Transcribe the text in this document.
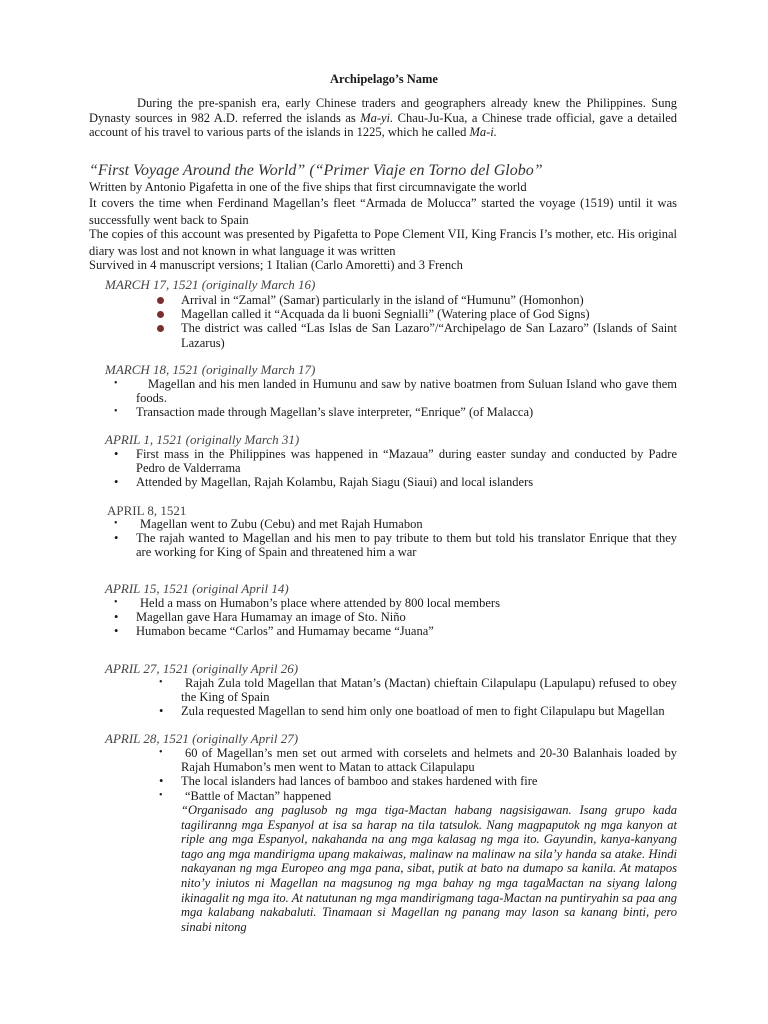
Archipelago’s Name
During the pre-spanish era, early Chinese traders and geographers already knew the Philippines. Sung Dynasty sources in 982 A.D. referred the islands as Ma-yi. Chau-Ju-Kua, a Chinese trade official, gave a detailed account of his travel to various parts of the islands in 1225, which he called Ma-i.
“First Voyage Around the World” (“Primer Viaje en Torno del Globo”
Written by Antonio Pigafetta in one of the five ships that first circumnavigate the world
It covers the time when Ferdinand Magellan’s fleet “Armada de Molucca” started the voyage (1519) until it was successfully went back to Spain
The copies of this account was presented by Pigafetta to Pope Clement VII, King Francis I’s mother, etc. His original diary was lost and not known in what language it was written
Survived in 4 manuscript versions; 1 Italian (Carlo Amoretti) and 3 French
MARCH 17, 1521 (originally March 16)
Arrival in “Zamal” (Samar) particularly in the island of “Humunu” (Homonhon)
Magellan called it “Acquada da li buoni Segnialli” (Watering place of God Signs)
The district was called “Las Islas de San Lazaro”/“Archipelago de San Lazaro” (Islands of Saint Lazarus)
MARCH 18, 1521 (originally March 17)
• Magellan and his men landed in Humunu and saw by native boatmen from Suluan Island who gave them foods.
• Transaction made through Magellan’s slave interpreter, “Enrique” (of Malacca)
APRIL 1, 1521 (originally March 31)
• First mass in the Philippines was happened in “Mazaua” during easter sunday and conducted by Padre Pedro de Valderrama
• Attended by Magellan, Rajah Kolambu, Rajah Siagu (Siaui) and local islanders
APRIL 8, 1521
• Magellan went to Zubu (Cebu) and met Rajah Humabon
• The rajah wanted to Magellan and his men to pay tribute to them but told his translator Enrique that they are working for King of Spain and threatened him a war
APRIL 15, 1521 (original April 14)
• Held a mass on Humabon’s place where attended by 800 local members
• Magellan gave Hara Humamay an image of Sto. Niño
• Humabon became “Carlos” and Humamay became “Juana”
APRIL 27, 1521 (originally April 26)
• Rajah Zula told Magellan that Matan’s (Mactan) chieftain Cilapulapu (Lapulapu) refused to obey the King of Spain
• Zula requested Magellan to send him only one boatload of men to fight Cilapulapu but Magellan
APRIL 28, 1521 (originally April 27)
• 60 of Magellan’s men set out armed with corselets and helmets and 20-30 Balanhais loaded by Rajah Humabon’s men went to Matan to attack Cilapulapu
• The local islanders had lances of bamboo and stakes hardened with fire
• “Battle of Mactan” happened
“Organisado ang paglusob ng mga tiga-Mactan habang nagsisigawan. Isang grupo kada tagiliranng mga Espanyol at isa sa harap na tila tatsulok. Nang magpaputok ng mga kanyon at riple ang mga Espanyol, nakahanda na ang mga kalasag ng mga ito. Gayundin, kanya-kanyang tago ang mga mandirigma upang makaiwas, malinaw na malinaw na sila’y handa sa atake. Hindi nakayanan ng mga Europeo ang mga pana, sibat, putik at bato na dumapo sa kanila. At matapos nito’y iniutos ni Magellan na magsunog ng mga bahay ng mga tagaMactan na siyang lalong ikinagalit ng mga ito. At natutunan ng mga mandirigmang taga-Mactan na puntiryahin sa paa ang mga kalabang nakabaluti. Tinamaan si Magellan ng panang may lason sa kanang binti, pero sinabi nitong
